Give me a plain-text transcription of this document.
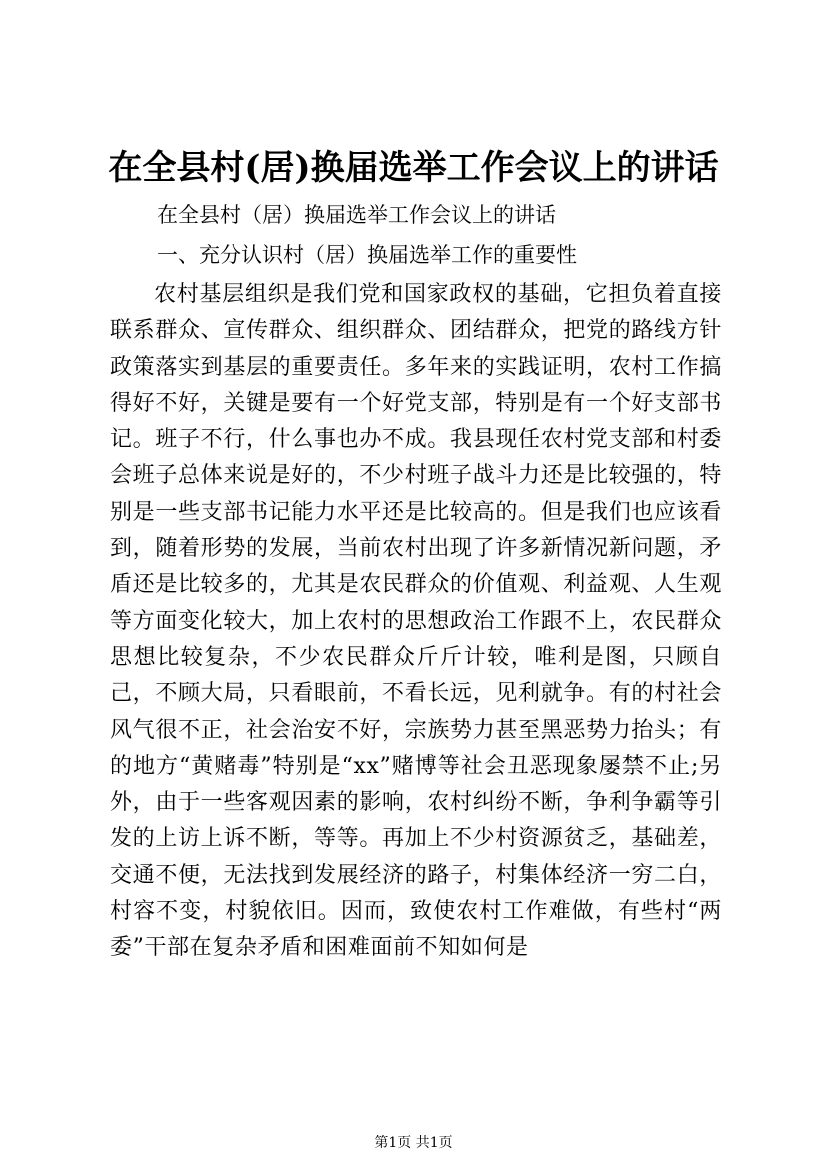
在全县村(居)换届选举工作会议上的讲话

在全县村（居）换届选举工作会议上的讲话

一、充分认识村（居）换届选举工作的重要性

农村基层组织是我们党和国家政权的基础，它担负着直接联系群众、宣传群众、组织群众、团结群众，把党的路线方针政策落实到基层的重要责任。多年来的实践证明，农村工作搞得好不好，关键是要有一个好党支部，特别是有一个好支部书记。班子不行，什么事也办不成。我县现任农村党支部和村委会班子总体来说是好的，不少村班子战斗力还是比较强的，特别是一些支部书记能力水平还是比较高的。但是我们也应该看到，随着形势的发展，当前农村出现了许多新情况新问题，矛盾还是比较多的，尤其是农民群众的价值观、利益观、人生观等方面变化较大，加上农村的思想政治工作跟不上，农民群众思想比较复杂，不少农民群众斤斤计较，唯利是图，只顾自己，不顾大局，只看眼前，不看长远，见利就争。有的村社会风气很不正，社会治安不好，宗族势力甚至黑恶势力抬头；有的地方“黄赌毒”特别是“xx”赌博等社会丑恶现象屡禁不止;另外，由于一些客观因素的影响，农村纠纷不断，争利争霸等引发的上访上诉不断，等等。再加上不少村资源贫乏，基础差，交通不便，无法找到发展经济的路子，村集体经济一穷二白，村容不变，村貌依旧。因而，致使农村工作难做，有些村“两委”干部在复杂矛盾和困难面前不知如何是

第1页 共1页
